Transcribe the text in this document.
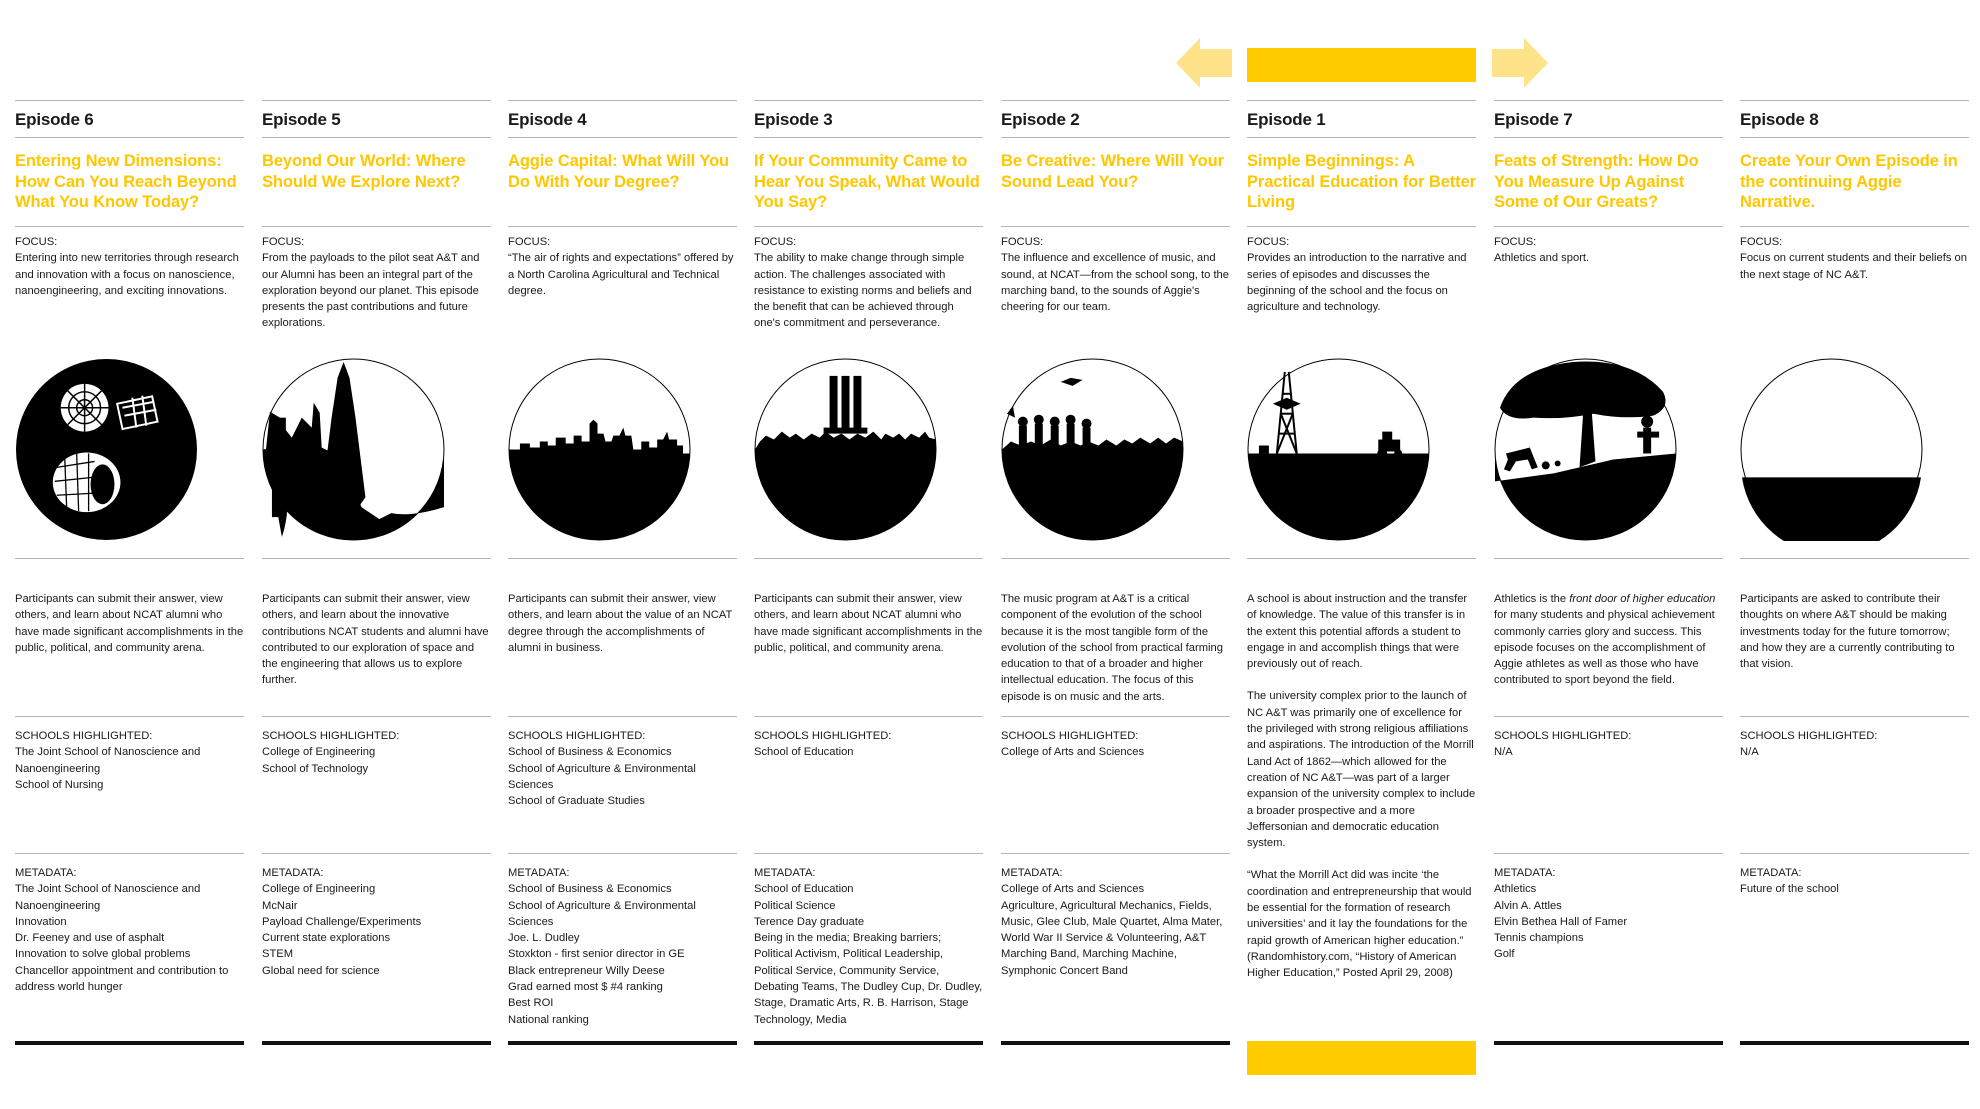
Episode 6
Entering New Dimensions: How Can You Reach Beyond What You Know Today?
FOCUS:
Entering into new territories through research and innovation with a focus on nanoscience, nanoengineering, and exciting innovations.

Participants can submit their answer, view others, and learn about NCAT alumni who have made significant accomplishments in the public, political, and community arena.

SCHOOLS HIGHLIGHTED:
The Joint School of Nanoscience and Nanoengineering
School of Nursing
METADATA:
The Joint School of Nanoscience and Nanoengineering
Innovation
Dr. Feeney and use of asphalt
Innovation to solve global problems
Chancellor appointment and contribution to address world hunger
Episode 5
Beyond Our World: Where Should We Explore Next?
FOCUS:
From the payloads to the pilot seat A&T and our Alumni has been an integral part of the exploration beyond our planet. This episode presents the past contributions and future explorations.

Participants can submit their answer, view others, and learn about the innovative contributions NCAT students and alumni have contributed to our exploration of space and the engineering that allows us to explore further.

SCHOOLS HIGHLIGHTED:
College of Engineering
School of Technology
METADATA:
College of Engineering
McNair
Payload Challenge/Experiments
Current state explorations
STEM
Global need for science
Episode 4
Aggie Capital: What Will You Do With Your Degree?
FOCUS:
“The air of rights and expectations” offered by a North Carolina Agricultural and Technical degree.

Participants can submit their answer, view others, and learn about the value of an NCAT degree through the accomplishments of alumni in business.

SCHOOLS HIGHLIGHTED:
School of Business & Economics
School of Agriculture & Environmental Sciences
School of Graduate Studies
METADATA:
School of Business & Economics
School of Agriculture & Environmental Sciences
Joe. L. Dudley
Stoxkton - first senior director in GE
Black entrepreneur Willy Deese
Grad earned most $ #4 ranking
Best ROI
National ranking
Episode 3
If Your Community Came to Hear You Speak, What Would You Say?
FOCUS:
The ability to make change through simple action. The challenges associated with resistance to existing norms and beliefs and the benefit that can be achieved through one's commitment and perseverance.

Participants can submit their answer, view others, and learn about NCAT alumni who have made significant accomplishments in the public, political, and community arena.

SCHOOLS HIGHLIGHTED:
School of Education
METADATA:
School of Education
Political Science
Terence Day graduate
Being in the media; Breaking barriers;
Political Activism, Political Leadership, Political Service, Community Service,
Debating Teams, The Dudley Cup, Dr. Dudley, Stage, Dramatic Arts, R. B. Harrison, Stage Technology, Media
Episode 2
Be Creative: Where Will Your Sound Lead You?
FOCUS:
The influence and excellence of music, and sound, at NCAT—from the school song, to the marching band, to the sounds of Aggie's cheering for our team.

The music program at A&T is a critical component of the evolution of the school because it is the most tangible form of the evolution of the school from practical farming education to that of a broader and higher intellectual education. The focus of this episode is on music and the arts.

SCHOOLS HIGHLIGHTED:
College of Arts and Sciences
METADATA:
College of Arts and Sciences
Agriculture, Agricultural Mechanics, Fields, Music, Glee Club, Male Quartet, Alma Mater, World War II Service & Volunteering, A&T Marching Band, Marching Machine, Symphonic Concert Band
Episode 1
Simple Beginnings: A Practical Education for Better Living
FOCUS:
Provides an introduction to the narrative and series of episodes and discusses the beginning of the school and the focus on agriculture and technology.

A school is about instruction and the transfer of knowledge. The value of this transfer is in the extent this potential affords a student to engage in and accomplish things that were previously out of reach.

The university complex prior to the launch of NC A&T was primarily one of excellence for the privileged with strong religious affiliations and aspirations. The introduction of the Morrill Land Act of 1862—which allowed for the creation of NC A&T—was part of a larger expansion of the university complex to include a broader prospective and a more Jeffersonian and democratic education system.

“What the Morrill Act did was incite ‘the coordination and entrepreneurship that would be essential for the formation of research universities’ and it lay the foundations for the rapid growth of American higher education.” (Randomhistory.com, “History of American Higher Education,” Posted April 29, 2008)

Episode 7
Feats of Strength: How Do You Measure Up Against Some of Our Greats?
FOCUS:
Athletics and sport.

Athletics is the front door of higher education for many students and physical achievement commonly carries glory and success. This episode focuses on the accomplishment of Aggie athletes as well as those who have contributed to sport beyond the field.

SCHOOLS HIGHLIGHTED:
N/A
METADATA:
Athletics
Alvin A. Attles
Elvin Bethea Hall of Famer
Tennis champions
Golf
Episode 8
Create Your Own Episode in the continuing Aggie Narrative.
FOCUS:
Focus on current students and their beliefs on the next stage of NC A&T.

Participants are asked to contribute their thoughts on where A&T should be making investments today for the future tomorrow; and how they are a currently contributing to that vision.

SCHOOLS HIGHLIGHTED:
N/A
METADATA:
Future of the school
